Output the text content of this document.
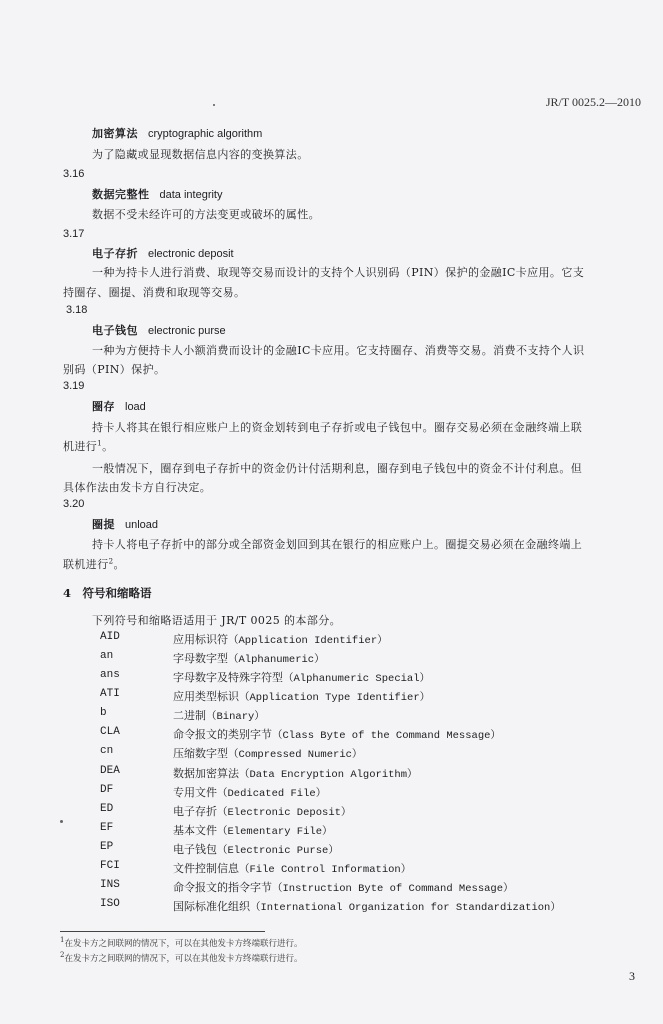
JR/T 0025.2—2010
加密算法 cryptographic algorithm
为了隐藏或显现数据信息内容的变换算法。
3.16
数据完整性 data integrity
数据不受未经许可的方法变更或破坏的属性。
3.17
电子存折 electronic deposit
一种为持卡人进行消费、取现等交易而设计的支持个人识别码（PIN）保护的金融IC卡应用。它支
持圈存、圈提、消费和取现等交易。
3.18
电子钱包 electronic purse
一种为方便持卡人小额消费而设计的金融IC卡应用。它支持圈存、消费等交易。消费不支持个人识
别码（PIN）保护。
3.19
圈存 load
持卡人将其在银行相应账户上的资金划转到电子存折或电子钱包中。圈存交易必须在金融终端上联
机进行$^1$。
一般情况下，圈存到电子存折中的资金仍计付活期利息，圈存到电子钱包中的资金不计付利息。但
具体作法由发卡方自行决定。
3.20
圈提 unload
持卡人将电子存折中的部分或全部资金划回到其在银行的相应账户上。圈提交易必须在金融终端上
联机进行$^2$。
4　符号和缩略语
下列符号和缩略语适用于 JR/T 0025 的本部分。
AID	应用标识符（Application Identifier）
an	字母数字型（Alphanumeric）
ans	字母数字及特殊字符型（Alphanumeric Special）
ATI	应用类型标识（Application Type Identifier）
b	二进制（Binary）
CLA	命令报文的类别字节（Class Byte of the Command Message）
cn	压缩数字型（Compressed Numeric）
DEA	数据加密算法（Data Encryption Algorithm）
DF	专用文件（Dedicated File）
ED	电子存折（Electronic Deposit）
EF	基本文件（Elementary File）
EP	电子钱包（Electronic Purse）
FCI	文件控制信息（File Control Information）
INS	命令报文的指令字节（Instruction Byte of Command Message）
ISO	国际标准化组织（International Organization for Standardization）
$^1$在发卡方之间联网的情况下，可以在其他发卡方终端联行进行。
$^2$在发卡方之间联网的情况下，可以在其他发卡方终端联行进行。
3
